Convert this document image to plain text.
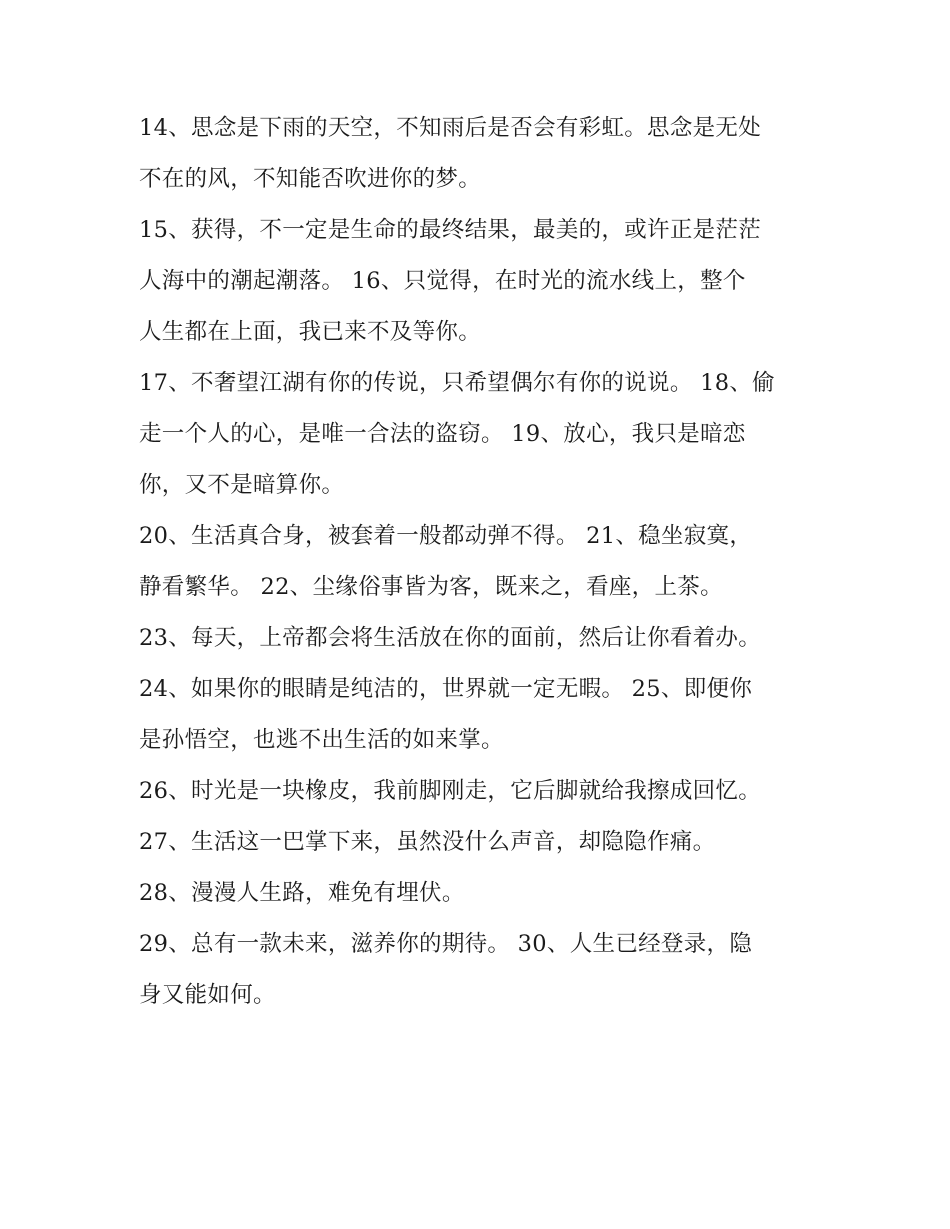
14、思念是下雨的天空，不知雨后是否会有彩虹。思念是无处
不在的风，不知能否吹进你的梦。
15、获得，不一定是生命的最终结果，最美的，或许正是茫茫
人海中的潮起潮落。 16、只觉得，在时光的流水线上，整个
人生都在上面，我已来不及等你。
17、不奢望江湖有你的传说，只希望偶尔有你的说说。 18、偷
走一个人的心，是唯一合法的盗窃。 19、放心，我只是暗恋
你，又不是暗算你。
20、生活真合身，被套着一般都动弹不得。 21、稳坐寂寞，
静看繁华。 22、尘缘俗事皆为客，既来之，看座，上茶。
23、每天，上帝都会将生活放在你的面前，然后让你看着办。
24、如果你的眼睛是纯洁的，世界就一定无暇。 25、即便你
是孙悟空，也逃不出生活的如来掌。
26、时光是一块橡皮，我前脚刚走，它后脚就给我擦成回忆。
27、生活这一巴掌下来，虽然没什么声音，却隐隐作痛。
28、漫漫人生路，难免有埋伏。
29、总有一款未来，滋养你的期待。 30、人生已经登录，隐
身又能如何。
